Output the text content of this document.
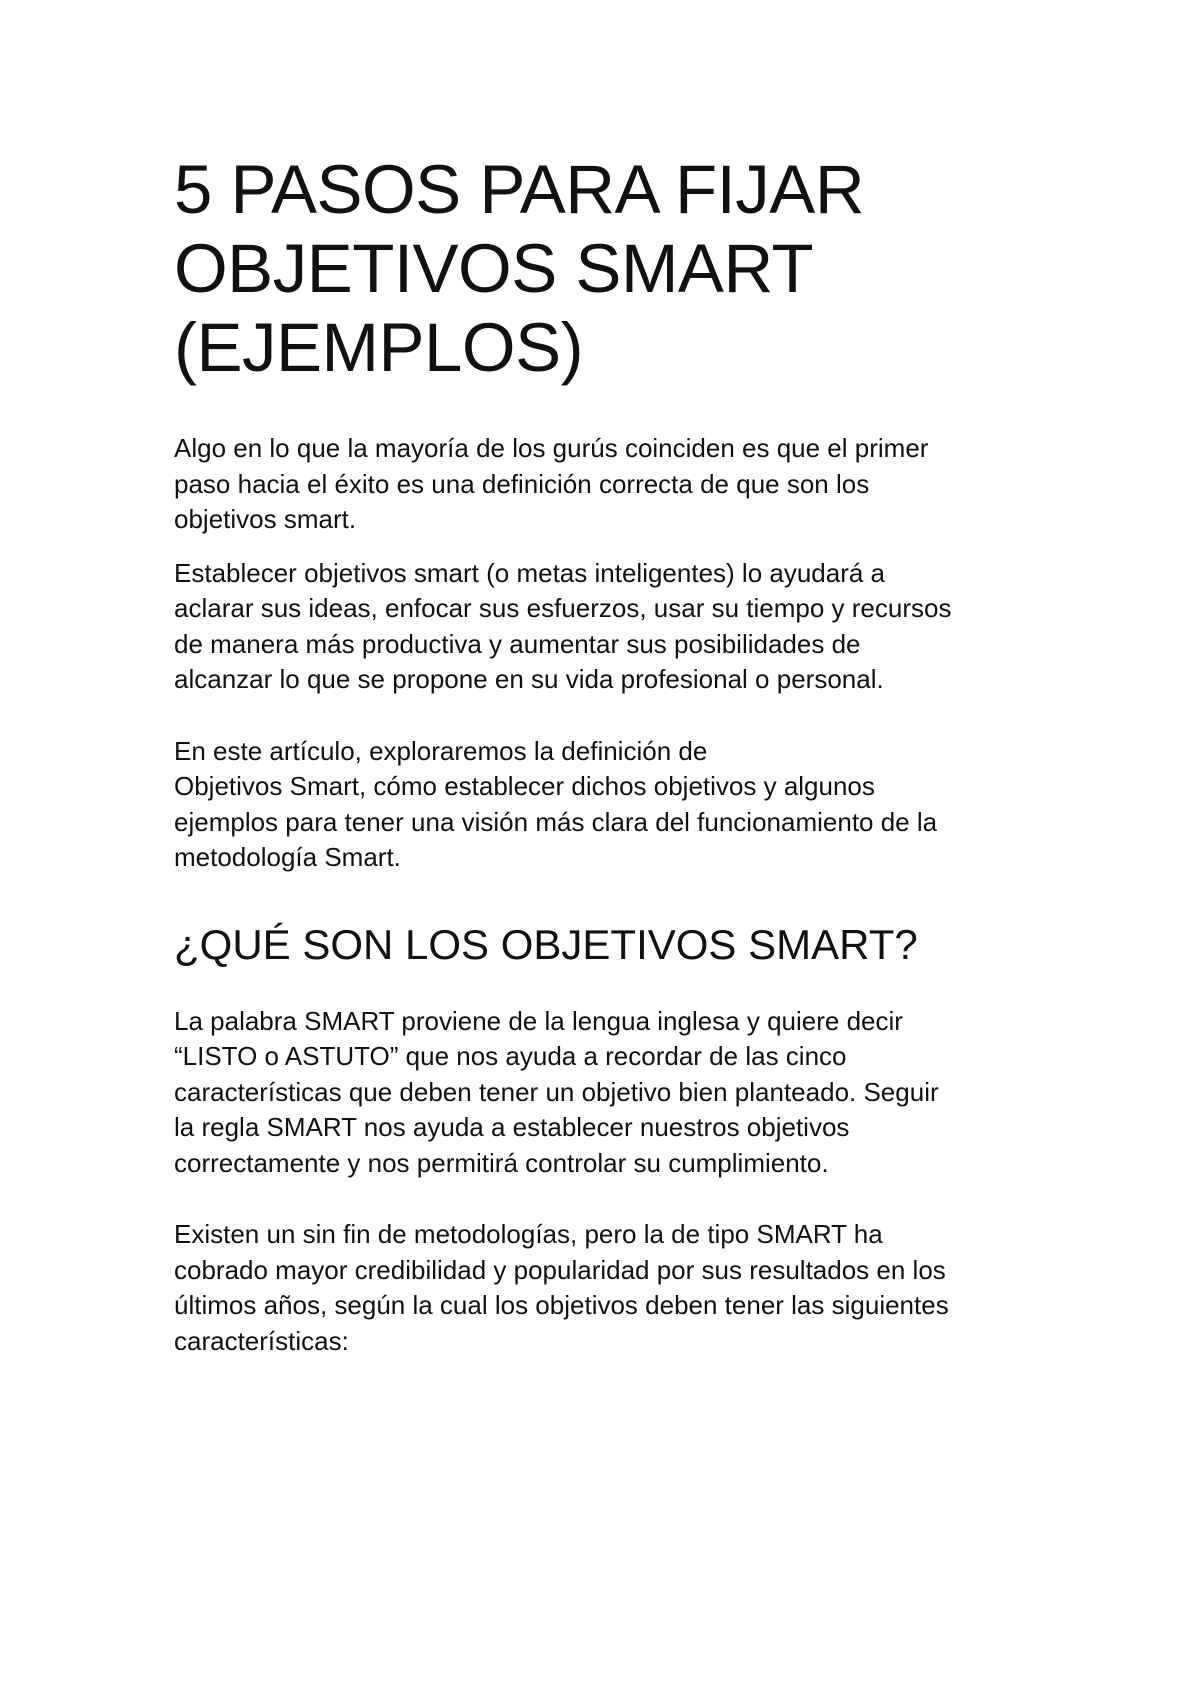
5 PASOS PARA FIJAR
OBJETIVOS SMART
(EJEMPLOS)

Algo en lo que la mayoría de los gurús coinciden es que el primer
paso hacia el éxito es una definición correcta de que son los
objetivos smart.

Establecer objetivos smart (o metas inteligentes) lo ayudará a
aclarar sus ideas, enfocar sus esfuerzos, usar su tiempo y recursos
de manera más productiva y aumentar sus posibilidades de
alcanzar lo que se propone en su vida profesional o personal.

En este artículo, exploraremos la definición de
Objetivos Smart, cómo establecer dichos objetivos y algunos
ejemplos para tener una visión más clara del funcionamiento de la
metodología Smart.

¿QUÉ SON LOS OBJETIVOS SMART?

La palabra SMART proviene de la lengua inglesa y quiere decir
“LISTO o ASTUTO” que nos ayuda a recordar de las cinco
características que deben tener un objetivo bien planteado. Seguir
la regla SMART nos ayuda a establecer nuestros objetivos
correctamente y nos permitirá controlar su cumplimiento.

Existen un sin fin de metodologías, pero la de tipo SMART ha
cobrado mayor credibilidad y popularidad por sus resultados en los
últimos años, según la cual los objetivos deben tener las siguientes
características:
